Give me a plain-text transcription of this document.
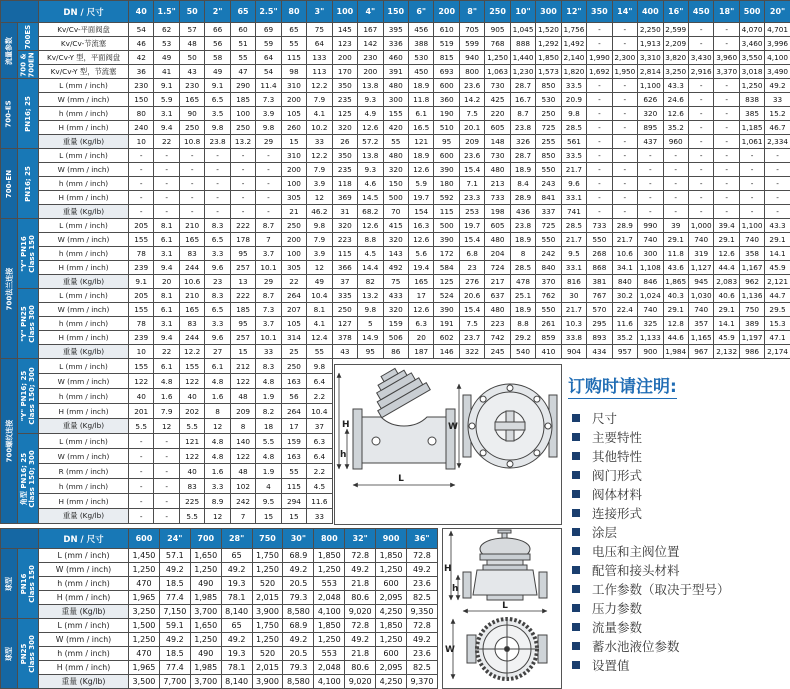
		DN / 尺寸	40	1.5"	50	2"	65	2.5"	80	3"	100	4"	150	6"	200	8"	250	10"	300	12"	350	14"	400	16"	450	18"	500	20"

流量参数	700ES	Kv/Cv-平面阀盘	54	62	57	66	60	69	65	75	145	167	395	456	610	705	905	1,045	1,520	1,756	-	-	2,250	2,599	-	-	4,070	4,701
		Kv/Cv-节流塞	46	53	48	56	51	59	55	64	123	142	336	388	519	599	768	888	1,292	1,492	-	-	1,913	2,209	-	-	3,460	3,996

	700 & 700EN	Kv/Cv-Y 型，平面阀盘	42	49	50	58	55	64	115	133	200	230	460	530	815	940	1,250	1,440	1,850	2,140	1,990	2,300	3,310	3,820	3,430	3,960	3,550	4,100
		Kv/Cv-Y 型，节流塞	36	41	43	49	47	54	98	113	170	200	391	450	693	800	1,063	1,230	1,573	1,820	1,692	1,950	2,814	3,250	2,916	3,370	3,018	3,490

700-ES	PN16; 25	L (mm / inch)	230	9.1	230	9.1	290	11.4	310	12.2	350	13.8	480	18.9	600	23.6	730	28.7	850	33.5	-	-	1,100	43.3	-	-	1,250	49.2
		W (mm / inch)	150	5.9	165	6.5	185	7.3	200	7.9	235	9.3	300	11.8	360	14.2	425	16.7	530	20.9	-	-	626	24.6	-	-	838	33
		h (mm / inch)	80	3.1	90	3.5	100	3.9	105	4.1	125	4.9	155	6.1	190	7.5	220	8.7	250	9.8	-	-	320	12.6	-	-	385	15.2
		H (mm / inch)	240	9.4	250	9.8	250	9.8	260	10.2	320	12.6	420	16.5	510	20.1	605	23.8	725	28.5	-	-	895	35.2	-	-	1,185	46.7
		重量 (Kg/lb)	10	22	10.8	23.8	13.2	29	15	33	26	57.2	55	121	95	209	148	326	255	561	-	-	437	960	-	-	1,061	2,334

700-EN	PN16; 25	L (mm / inch)	-	-	-	-	-	-	310	12.2	350	13.8	480	18.9	600	23.6	730	28.7	850	33.5	-	-	-	-	-	-	-	-
		W (mm / inch)	-	-	-	-	-	-	200	7.9	235	9.3	320	12.6	390	15.4	480	18.9	550	21.7	-	-	-	-	-	-	-	-
		h (mm / inch)	-	-	-	-	-	-	100	3.9	118	4.6	150	5.9	180	7.1	213	8.4	243	9.6	-	-	-	-	-	-	-	-
		H (mm / inch)	-	-	-	-	-	-	305	12	369	14.5	500	19.7	592	23.3	733	28.9	841	33.1	-	-	-	-	-	-	-	-
		重量 (Kg/lb)	-	-	-	-	-	-	21	46.2	31	68.2	70	154	115	253	198	436	337	741	-	-	-	-	-	-	-	-

700法兰连接	"Y" PN16 Class 150	L (mm / inch)	205	8.1	210	8.3	222	8.7	250	9.8	320	12.6	415	16.3	500	19.7	605	23.8	725	28.5	733	28.9	990	39	1,000	39.4	1,100	43.3
		W (mm / inch)	155	6.1	165	6.5	178	7	200	7.9	223	8.8	320	12.6	390	15.4	480	18.9	550	21.7	550	21.7	740	29.1	740	29.1	740	29.1
		h (mm / inch)	78	3.1	83	3.3	95	3.7	100	3.9	115	4.5	143	5.6	172	6.8	204	8	242	9.5	268	10.6	300	11.8	319	12.6	358	14.1
		H (mm / inch)	239	9.4	244	9.6	257	10.1	305	12	366	14.4	492	19.4	584	23	724	28.5	840	33.1	868	34.1	1,108	43.6	1,127	44.4	1,167	45.9
		重量 (Kg/lb)	9.1	20	10.6	23	13	29	22	49	37	82	75	165	125	276	217	478	370	816	381	840	846	1,865	945	2,083	962	2,121

	"Y" PN25 Class 300	L (mm / inch)	205	8.1	210	8.3	222	8.7	264	10.4	335	13.2	433	17	524	20.6	637	25.1	762	30	767	30.2	1,024	40.3	1,030	40.6	1,136	44.7
		W (mm / inch)	155	6.1	165	6.5	185	7.3	207	8.1	250	9.8	320	12.6	390	15.4	480	18.9	550	21.7	570	22.4	740	29.1	740	29.1	750	29.5
		h (mm / inch)	78	3.1	83	3.3	95	3.7	105	4.1	127	5	159	6.3	191	7.5	223	8.8	261	10.3	295	11.6	325	12.8	357	14.1	389	15.3
		H (mm / inch)	239	9.4	244	9.6	257	10.1	314	12.4	378	14.9	506	20	602	23.7	742	29.2	859	33.8	893	35.2	1,133	44.6	1,165	45.9	1,197	47.1
		重量 (Kg/lb)	10	22	12.2	27	15	33	25	55	43	95	86	187	146	322	245	540	410	904	434	957	900	1,984	967	2,132	986	2,174
700螺纹连接	"Y" PN16; 25 Class 150; 300	L (mm / inch)	155	6.1	155	6.1	212	8.3	250	9.8
		W (mm / inch)	122	4.8	122	4.8	122	4.8	163	6.4
		h (mm / inch)	40	1.6	40	1.6	48	1.9	56	2.2
		H (mm / inch)	201	7.9	202	8	209	8.2	264	10.4
		重量 (Kg/lb)	5.5	12	5.5	12	8	18	17	37

	角型 PN16; 25 Class 150; 300	L (mm / inch)	-	-	121	4.8	140	5.5	159	6.3
		W (mm / inch)	-	-	122	4.8	122	4.8	163	6.4
		R (mm / inch)	-	-	40	1.6	48	1.9	55	2.2
		h (mm / inch)	-	-	83	3.3	102	4	115	4.5
		H (mm / inch)	-	-	225	8.9	242	9.5	294	11.6
		重量 (Kg/lb)	-	-	5.5	12	7	15	15	33
		DN / 尺寸	600	24"	700	28"	750	30"	800	32"	900	36"

球型	PN16 Class 150	L (mm / inch)	1,450	57.1	1,650	65	1,750	68.9	1,850	72.8	1,850	72.8
		W (mm / inch)	1,250	49.2	1,250	49.2	1,250	49.2	1,250	49.2	1,250	49.2
		h (mm / inch)	470	18.5	490	19.3	520	20.5	553	21.8	600	23.6
		H (mm / inch)	1,965	77.4	1,985	78.1	2,015	79.3	2,048	80.6	2,095	82.5
		重量 (Kg/lb)	3,250	7,150	3,700	8,140	3,900	8,580	4,100	9,020	4,250	9,350

球型	PN25 Class 300	L (mm / inch)	1,500	59.1	1,650	65	1,750	68.9	1,850	72.8	1,850	72.8
		W (mm / inch)	1,250	49.2	1,250	49.2	1,250	49.2	1,250	49.2	1,250	49.2
		h (mm / inch)	470	18.5	490	19.3	520	20.5	553	21.8	600	23.6
		H (mm / inch)	1,965	77.4	1,985	78.1	2,015	79.3	2,048	80.6	2,095	82.5
		重量 (Kg/lb)	3,500	7,700	3,700	8,140	3,900	8,580	4,100	9,020	4,250	9,370
H
h
L
W
H
h
L
W
订购时请注明:
尺寸
主要特性
其他特性
阀门形式
阀体材料
连接形式
涂层
电压和主阀位置
配管和接头材料
工作参数（取决于型号）
压力参数
流量参数
蓄水池液位参数
设置值
